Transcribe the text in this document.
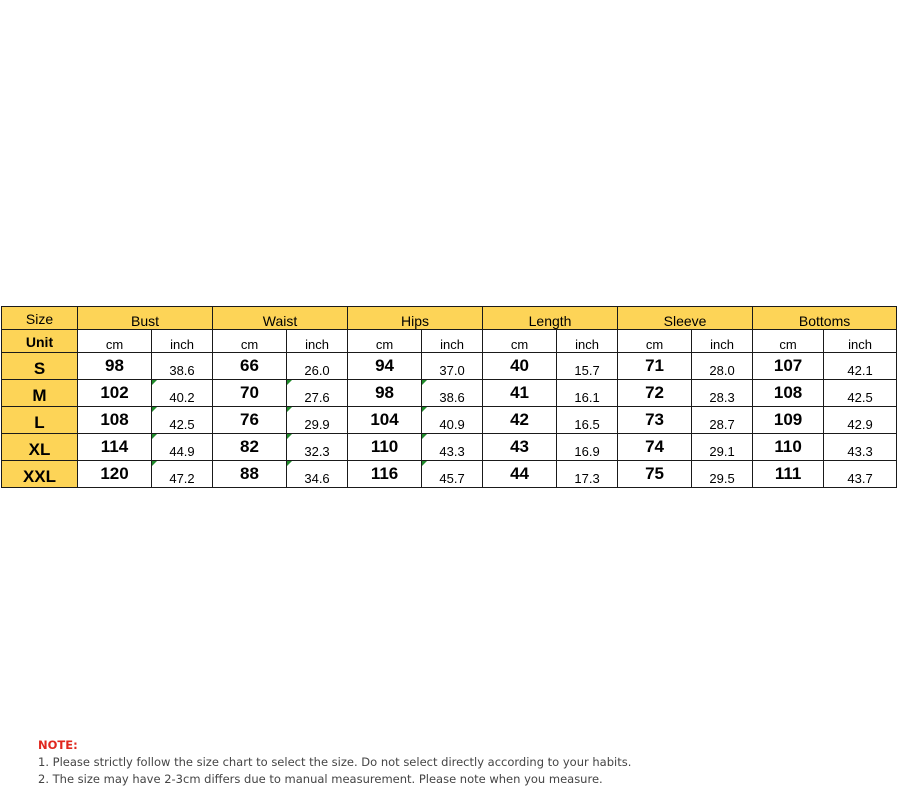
Size	Bust		Waist		Hips		Length		Sleeve		Bottoms	
Unit	cm	inch	cm	inch	cm	inch	cm	inch	cm	inch	cm	inch
S	98	38.6	66	26.0	94	37.0	40	15.7	71	28.0	107	42.1
M	102	40.2	70	27.6	98	38.6	41	16.1	72	28.3	108	42.5
L	108	42.5	76	29.9	104	40.9	42	16.5	73	28.7	109	42.9
XL	114	44.9	82	32.3	110	43.3	43	16.9	74	29.1	110	43.3
XXL	120	47.2	88	34.6	116	45.7	44	17.3	75	29.5	111	43.7
NOTE:
1. Please strictly follow the size chart to select the size. Do not select directly according to your habits.
2. The size may have 2-3cm differs due to manual measurement. Please note when you measure.
